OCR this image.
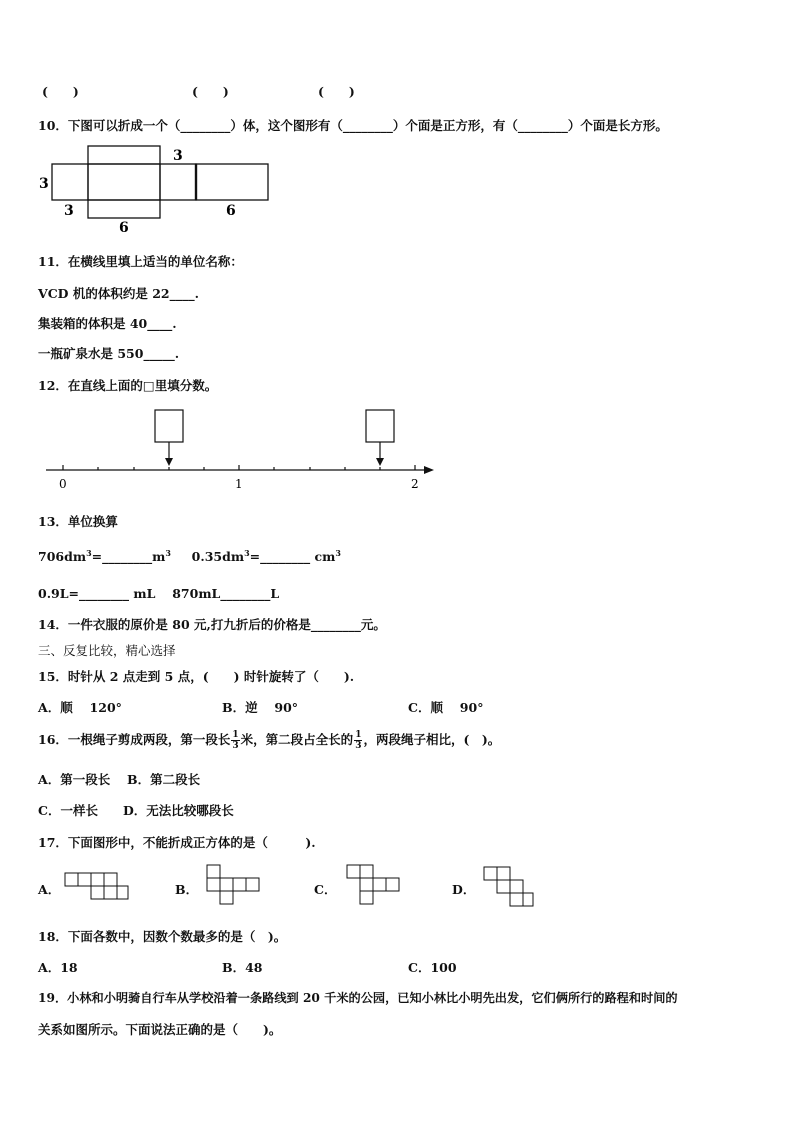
(　　)	(　　)	(　　)
10．下图可以折成一个（________）体，这个图形有（________）个面是正方形，有（________）个面是长方形。
3
3
3
6
6
11．在横线里填上适当的单位名称：
VCD 机的体积约是 22____.
集装箱的体积是 40____.
一瓶矿泉水是 550_____.
12．在直线上面的□里填分数。
0	1	2
13．单位换算
$706dm^3=\_\_\_\_\_\_\_\_m^3$ $0.35dm^3=\_\_\_\_\_\_\_\_$ $cm^3$
0.9L=________ mL　 870mL________L
14．一件衣服的原价是 80 元,打九折后的价格是________元。
三、反复比较，精心选择
15．时针从 2 点走到 5 点，(　　) 时针旋转了（　　).
A．顺　 120°	B．逆　 90°	C．顺　 90°
16．一根绳子剪成两段，第一段长 $\frac{1}{3}$ 米，第二段占全长的 $\frac{1}{3}$ ，两段绳子相比，(　)。
A．第一段长　 B．第二段长
C．一样长　　D．无法比较哪段长
17．下面图形中，不能折成正方体的是（　　　).
A．	B．	C．	D．
18．下面各数中，因数个数最多的是（　)。
A．18	B．48	C．100
19．小林和小明骑自行车从学校沿着一条路线到 20 千米的公园，已知小林比小明先出发，它们俩所行的路程和时间的
关系如图所示。下面说法正确的是（　　)。
